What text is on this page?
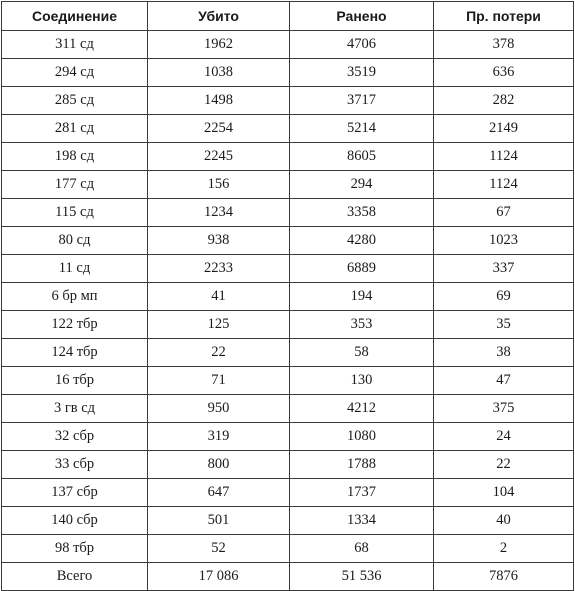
Соединение	Убито	Ранено	Пр. потери
311 сд	1962	4706	378
294 сд	1038	3519	636
285 сд	1498	3717	282
281 сд	2254	5214	2149
198 сд	2245	8605	1124
177 сд	156	294	1124
115 сд	1234	3358	67
80 сд	938	4280	1023
11 сд	2233	6889	337
6 бр мп	41	194	69
122 тбр	125	353	35
124 тбр	22	58	38
16 тбр	71	130	47
3 гв сд	950	4212	375
32 сбр	319	1080	24
33 сбр	800	1788	22
137 сбр	647	1737	104
140 сбр	501	1334	40
98 тбр	52	68	2
Всего	17 086	51 536	7876
